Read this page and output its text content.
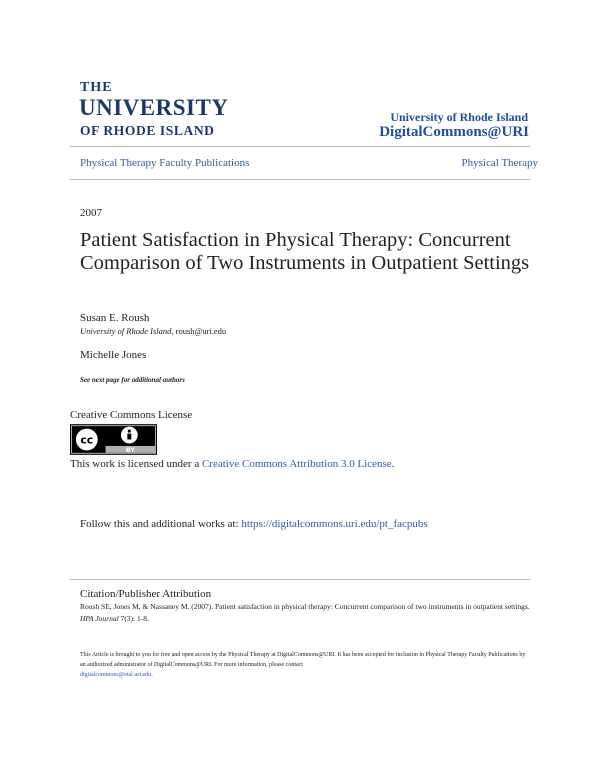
THE
UNIVERSITY
OF RHODE ISLAND
University of Rhode Island
DigitalCommons@URI
Physical Therapy Faculty Publications	Physical Therapy
2007
Patient Satisfaction in Physical Therapy: Concurrent Comparison of Two Instruments in Outpatient Settings
Susan E. Roush
University of Rhode Island, roush@uri.edu
Michelle Jones
See next page for additional authors
Creative Commons License
cc
BY
This work is licensed under a Creative Commons Attribution 3.0 License.
Follow this and additional works at: https://digitalcommons.uri.edu/pt_facpubs
Citation/Publisher Attribution
Roush SE, Jones M, & Nassaney M. (2007). Patient satisfaction in physical therapy: Concurrent comparison of two instruments in outpatient settings. HPA Journal 7(3): 1-8.
This Article is brought to you for free and open access by the Physical Therapy at DigitalCommons@URI. It has been accepted for inclusion in Physical Therapy Faculty Publications by an authorized administrator of DigitalCommons@URI. For more information, please contact
digitalcommons@etal.uri.edu.
